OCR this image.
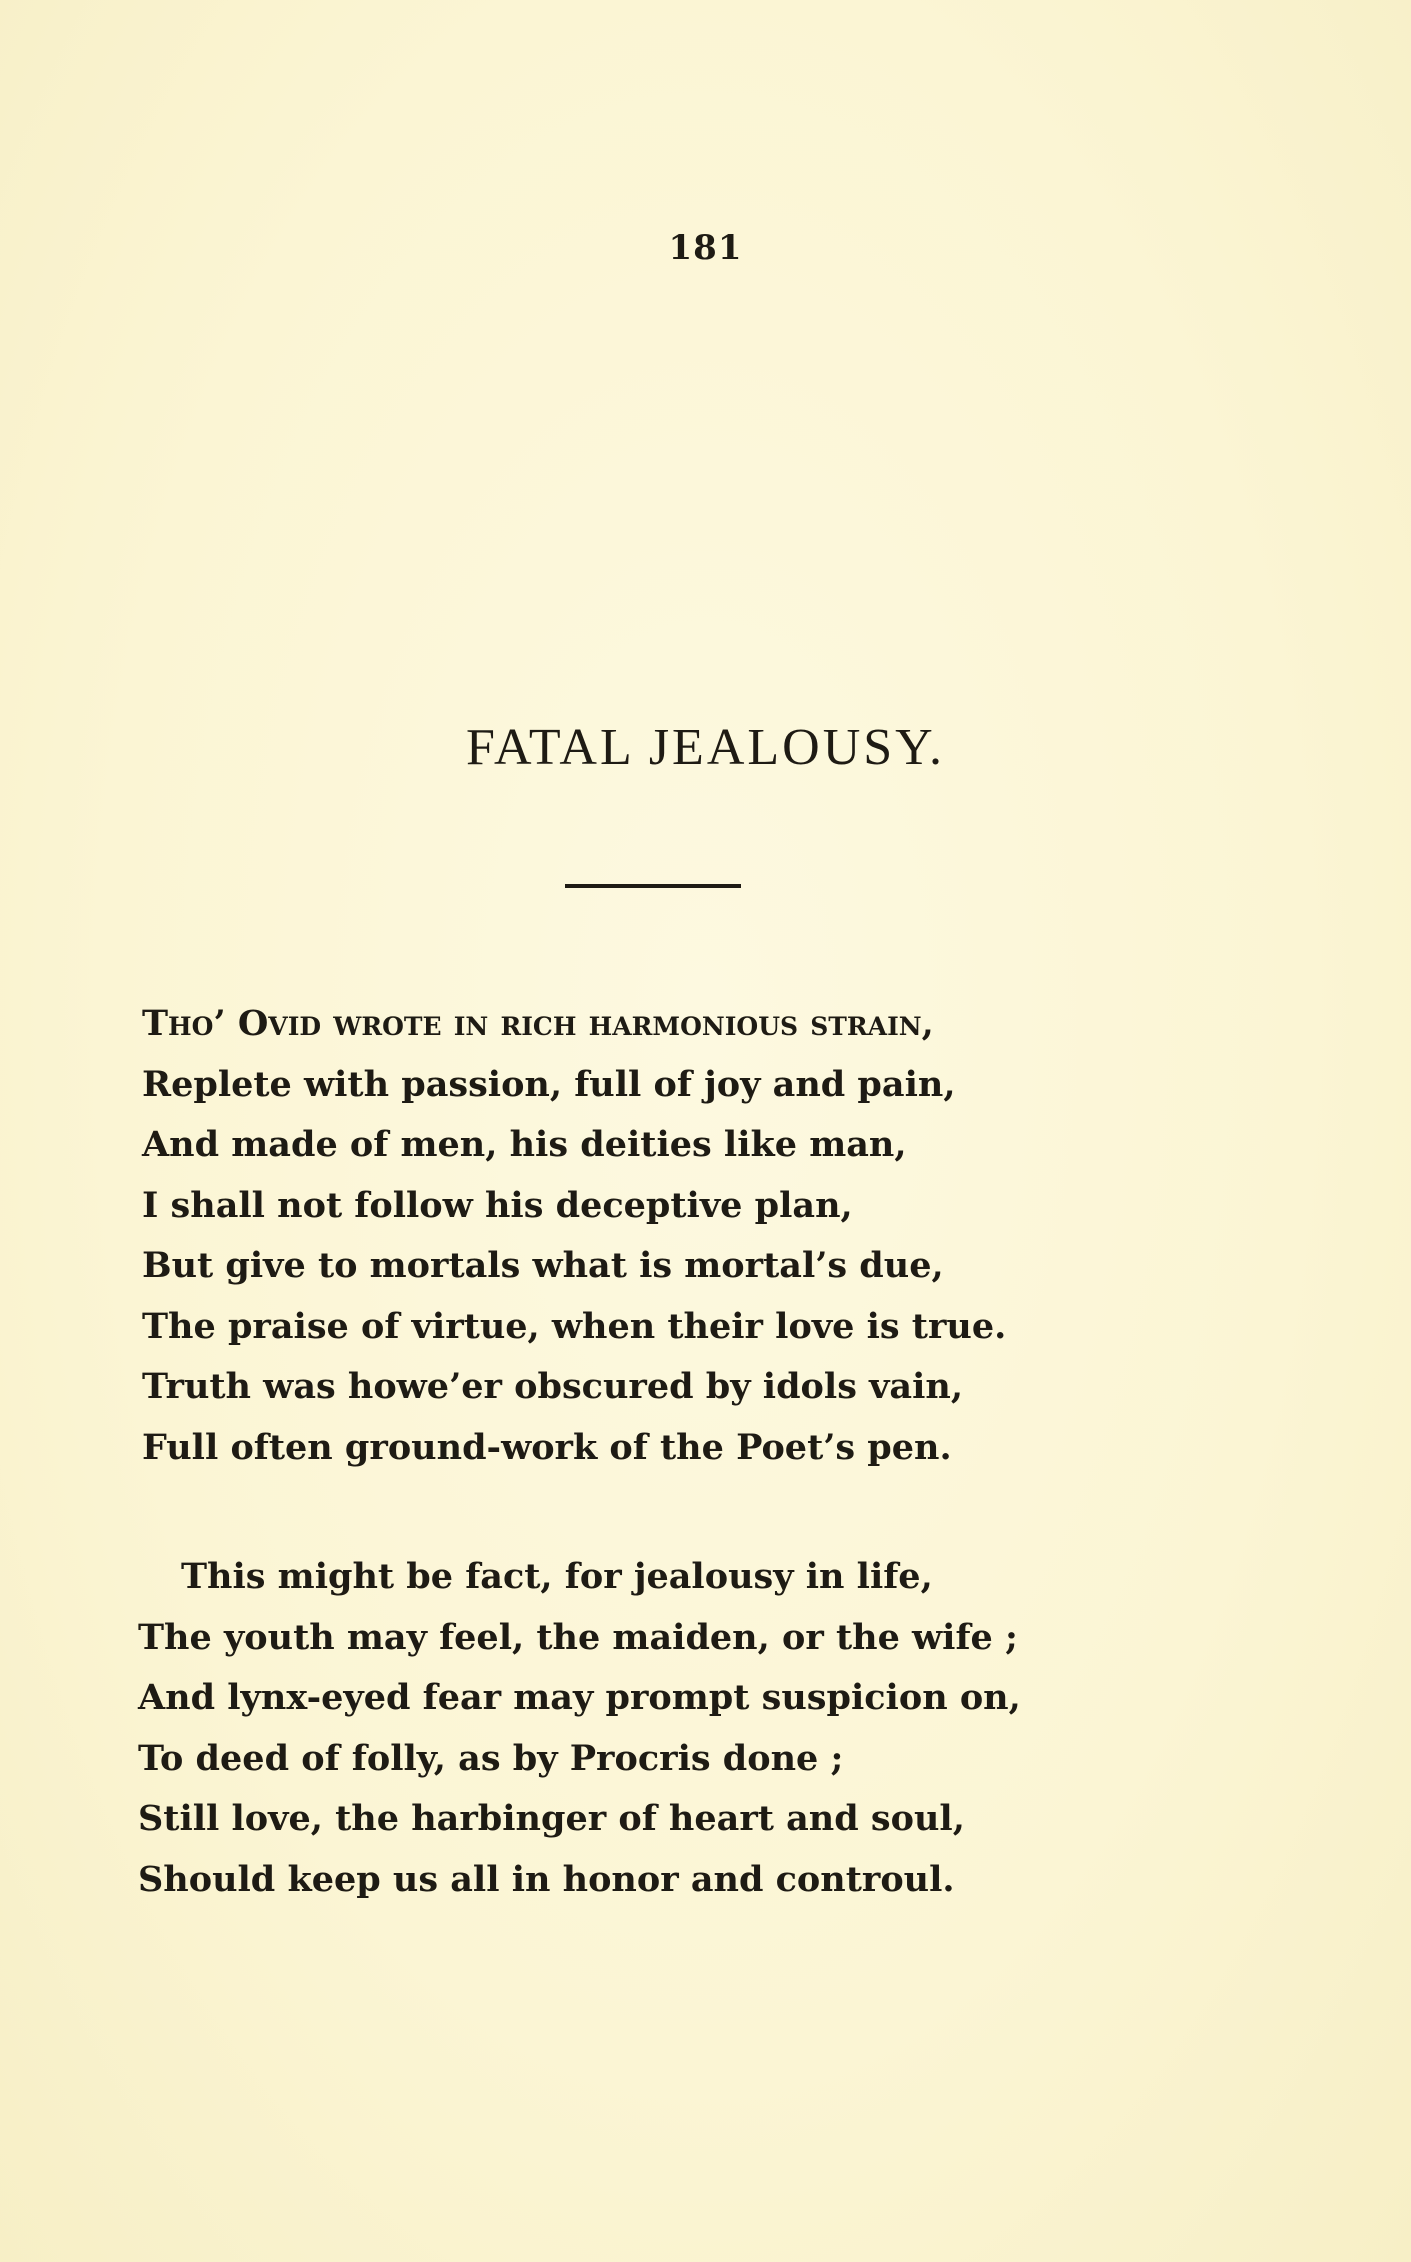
181
FATAL JEALOUSY.
Tho’ Ovid wrote in rich harmonious strain,
Replete with passion, full of joy and pain,
And made of men, his deities like man,
I shall not follow his deceptive plan,
But give to mortals what is mortal’s due,
The praise of virtue, when their love is true.
Truth was howe’er obscured by idols vain,
Full often ground-work of the Poet’s pen.
This might be fact, for jealousy in life,
The youth may feel, the maiden, or the wife ;
And lynx-eyed fear may prompt suspicion on,
To deed of folly, as by Procris done ;
Still love, the harbinger of heart and soul,
Should keep us all in honor and controul.
